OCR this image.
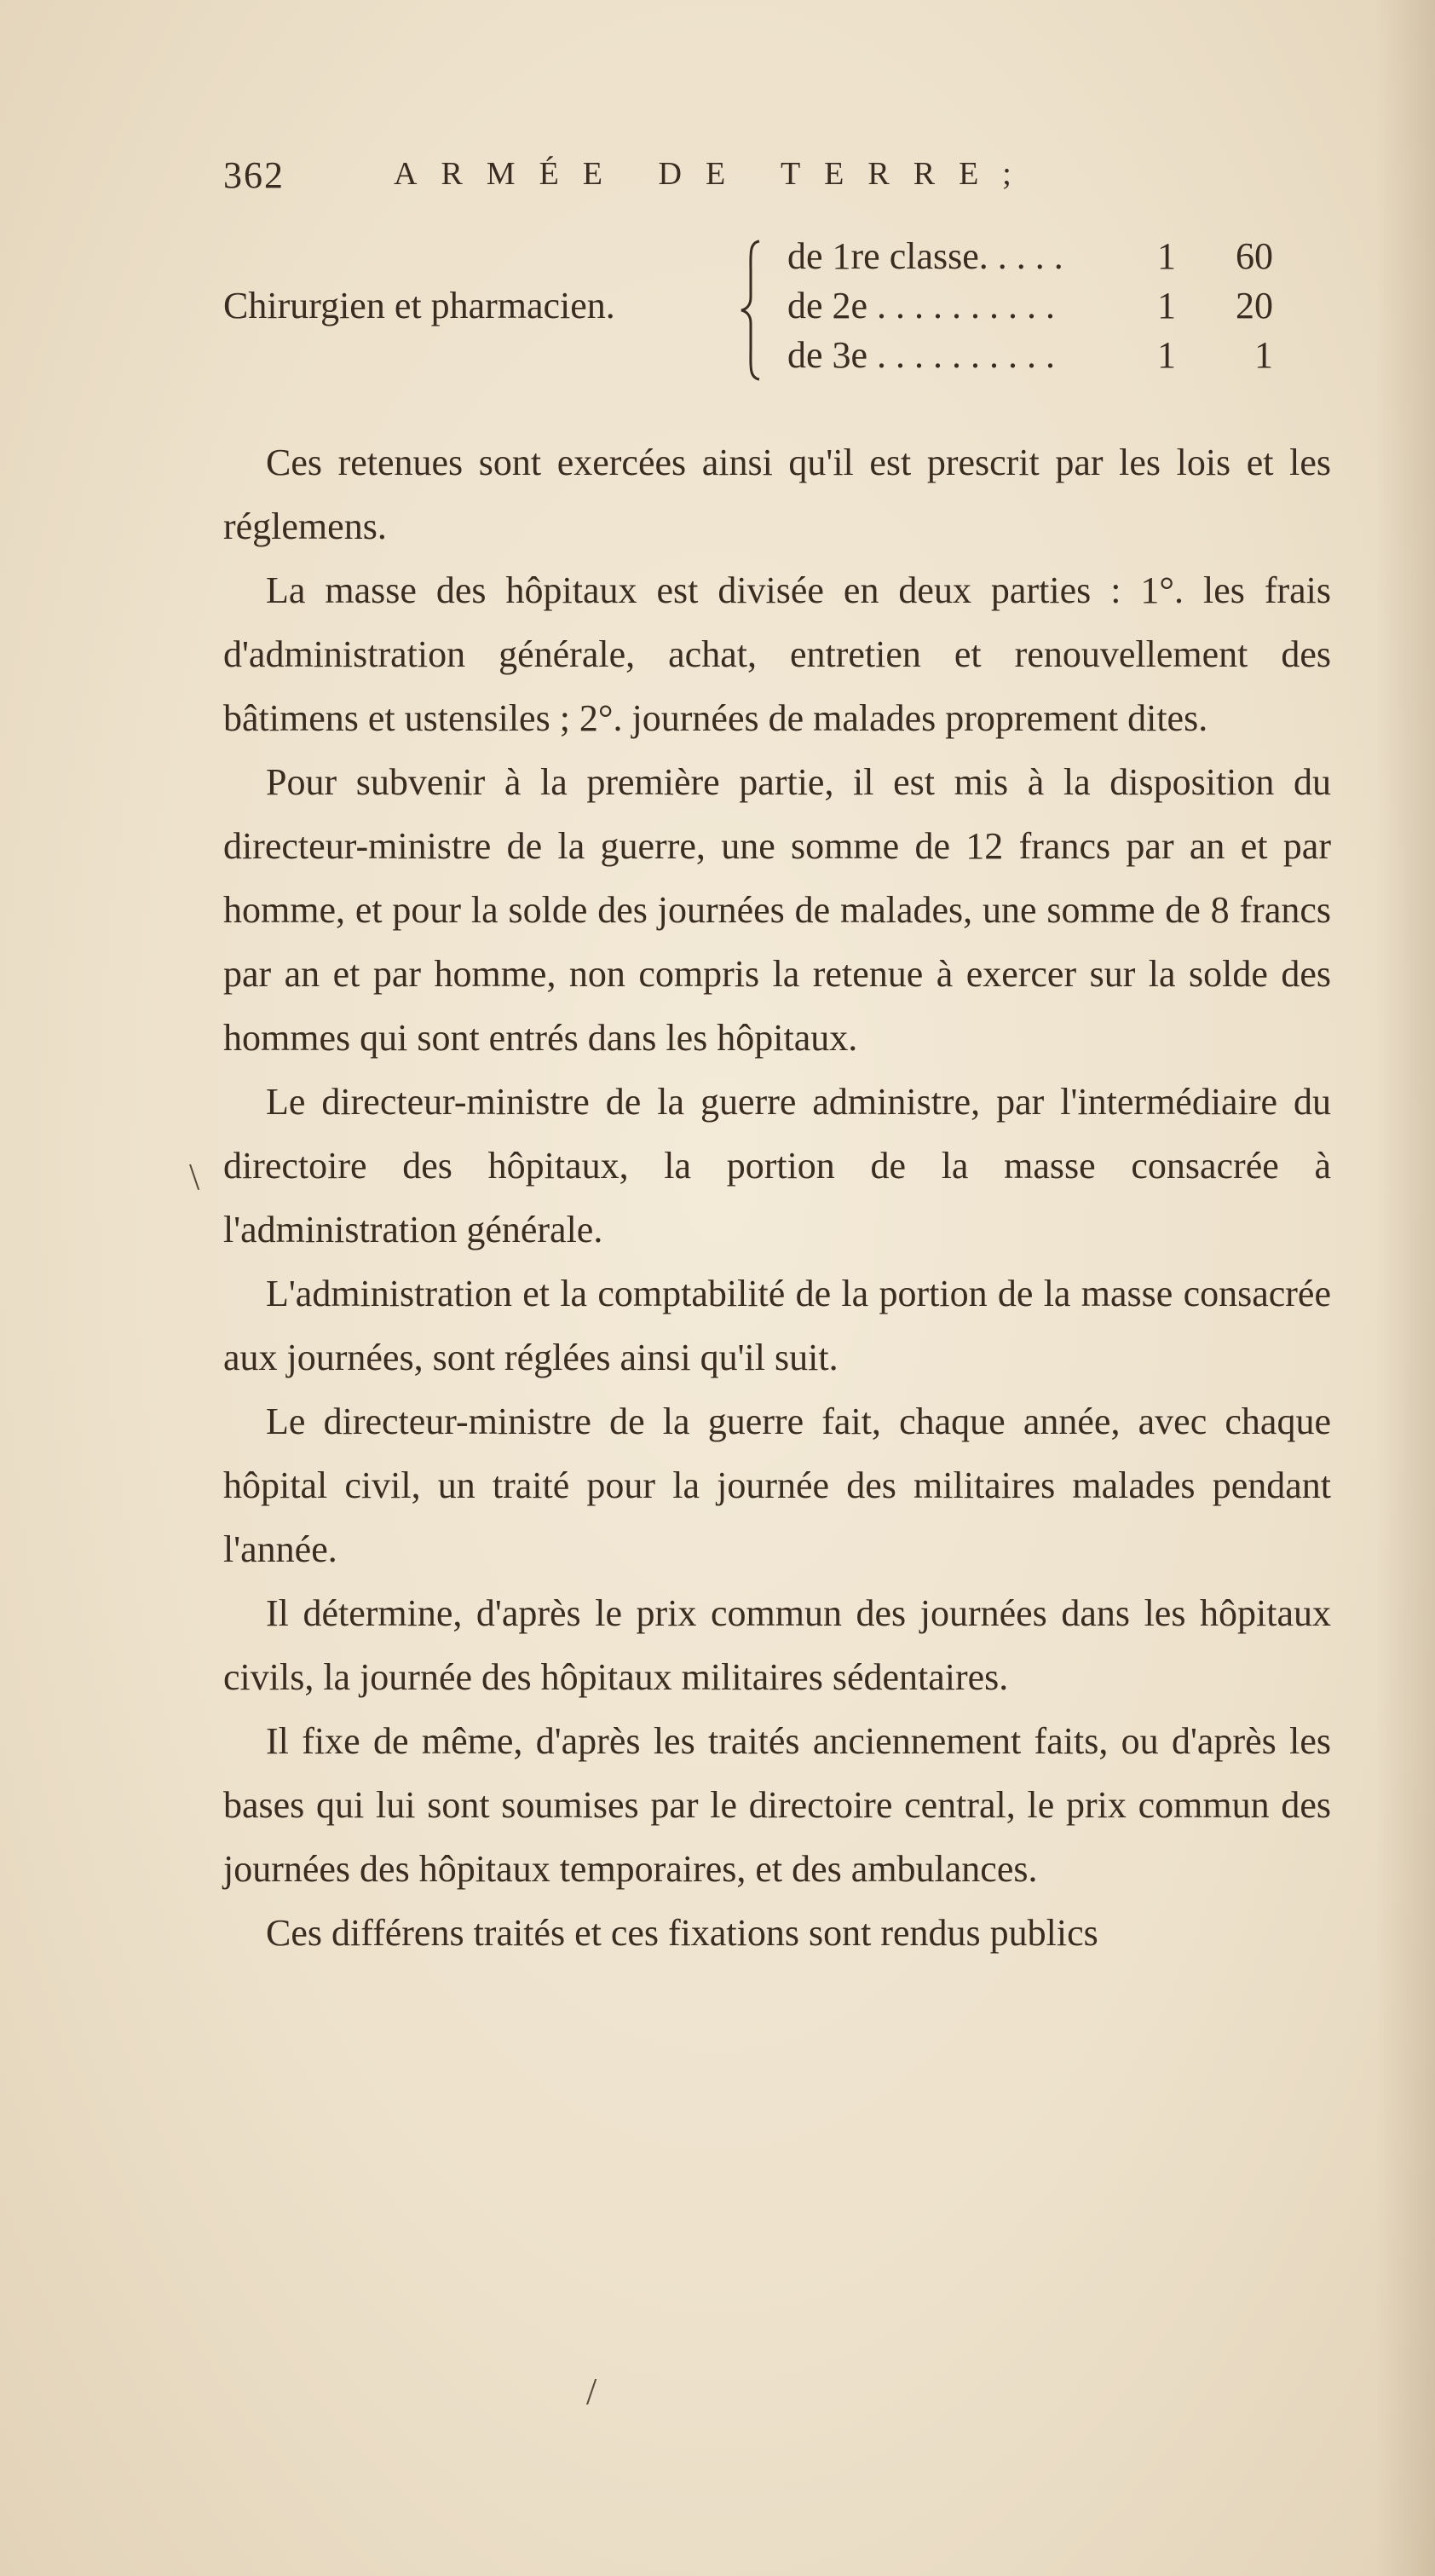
362	ARMÉE DE TERRE;
Chirurgien et pharmacien.
de 1re classe. . . . .	1	60
de 2e . . . . . . . . . .	1	20
de 3e . . . . . . . . . .	1	1

Ces retenues sont exercées ainsi qu'il est prescrit par les lois et les réglemens.

La masse des hôpitaux est divisée en deux parties : 1°. les frais d'administration générale, achat, entretien et renouvellement des bâtimens et ustensiles ; 2°. journées de malades proprement dites.

Pour subvenir à la première partie, il est mis à la disposition du directeur-ministre de la guerre, une somme de 12 francs par an et par homme, et pour la solde des journées de malades, une somme de 8 francs par an et par homme, non compris la retenue à exercer sur la solde des hommes qui sont entrés dans les hôpitaux.

Le directeur-ministre de la guerre administre, par l'intermédiaire du directoire des hôpitaux, la portion de la masse consacrée à l'administration générale.

L'administration et la comptabilité de la portion de la masse consacrée aux journées, sont réglées ainsi qu'il suit.

Le directeur-ministre de la guerre fait, chaque année, avec chaque hôpital civil, un traité pour la journée des militaires malades pendant l'année.

Il détermine, d'après le prix commun des journées dans les hôpitaux civils, la journée des hôpitaux militaires sédentaires.

Il fixe de même, d'après les traités anciennement faits, ou d'après les bases qui lui sont soumises par le directoire central, le prix commun des journées des hôpitaux temporaires, et des ambulances.

Ces différens traités et ces fixations sont rendus publics

\
/
